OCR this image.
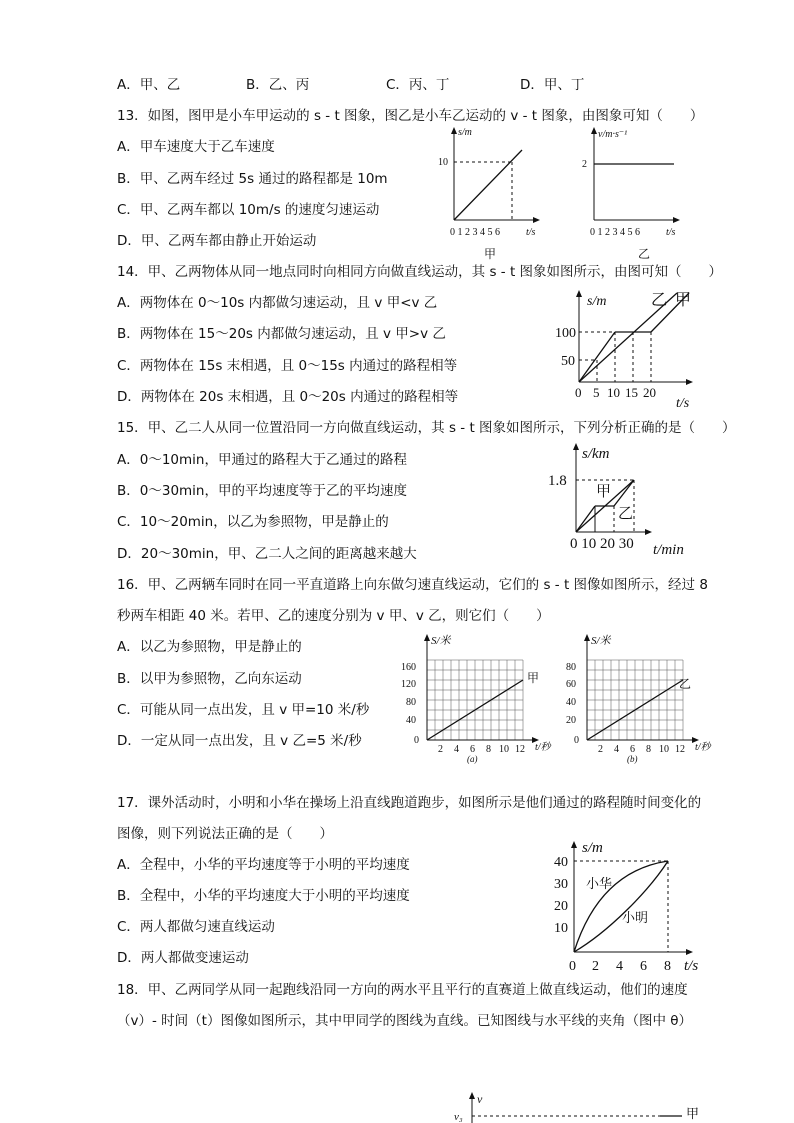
A．甲、乙	B．乙、丙	C．丙、丁	D．甲、丁
13．如图，图甲是小车甲运动的 s - t 图象，图乙是小车乙运动的 v - t 图象，由图象可知（　　）
A．甲车速度大于乙车速度
B．甲、乙两车经过 5s 通过的路程都是 10m
C．甲、乙两车都以 10m/s 的速度匀速运动
D．甲、乙两车都由静止开始运动
s/m
10
0 1 2 3 4 5 6	t/s
甲
v/m·s⁻¹
2
0 1 2 3 4 5 6	t/s
乙
14．甲、乙两物体从同一地点同时向相同方向做直线运动，其 s - t 图象如图所示，由图可知（　　）
A．两物体在 0～10s 内都做匀速运动，且 v 甲<v 乙
B．两物体在 15～20s 内都做匀速运动，且 v 甲>v 乙
C．两物体在 15s 末相遇，且 0～15s 内通过的路程相等
D．两物体在 20s 末相遇，且 0～20s 内通过的路程相等
s/m
100
50
乙 甲
0 5 10 15 20
t/s
15．甲、乙二人从同一位置沿同一方向做直线运动，其 s - t 图象如图所示，下列分析正确的是（　　）
A．0～10min，甲通过的路程大于乙通过的路程
B．0～30min，甲的平均速度等于乙的平均速度
C．10～20min，以乙为参照物，甲是静止的
D．20～30min，甲、乙二人之间的距离越来越大
s/km
1.8
甲
乙
0 10 20 30 t/min
16．甲、乙两辆车同时在同一平直道路上向东做匀速直线运动，它们的 s - t 图像如图所示，经过 8
秒两车相距 40 米。若甲、乙的速度分别为 v 甲、v 乙，则它们（　　）
A．以乙为参照物，甲是静止的
B．以甲为参照物，乙向东运动
C．可能从同一点出发，且 v 甲=10 米/秒
D．一定从同一点出发，且 v 乙=5 米/秒
S/米
160
120
80
40
0
甲
2 4 6 8 10 12 t/秒
(a)
S/米
80
60
40
20
0
乙
2 4 6 8 10 12 t/秒
(b)
17．课外活动时，小明和小华在操场上沿直线跑道跑步，如图所示是他们通过的路程随时间变化的
图像，则下列说法正确的是（　　）
A．全程中，小华的平均速度等于小明的平均速度
B．全程中，小华的平均速度大于小明的平均速度
C．两人都做匀速直线运动
D．两人都做变速运动
s/m
40
30
20
10
小华
小明
0 2 4 6 8 t/s
18．甲、乙两同学从同一起跑线沿同一方向的两水平且平行的直赛道上做直线运动，他们的速度
（v）- 时间（t）图像如图所示，其中甲同学的图线为直线。已知图线与水平线的夹角（图中 θ）
v
v₃	甲
